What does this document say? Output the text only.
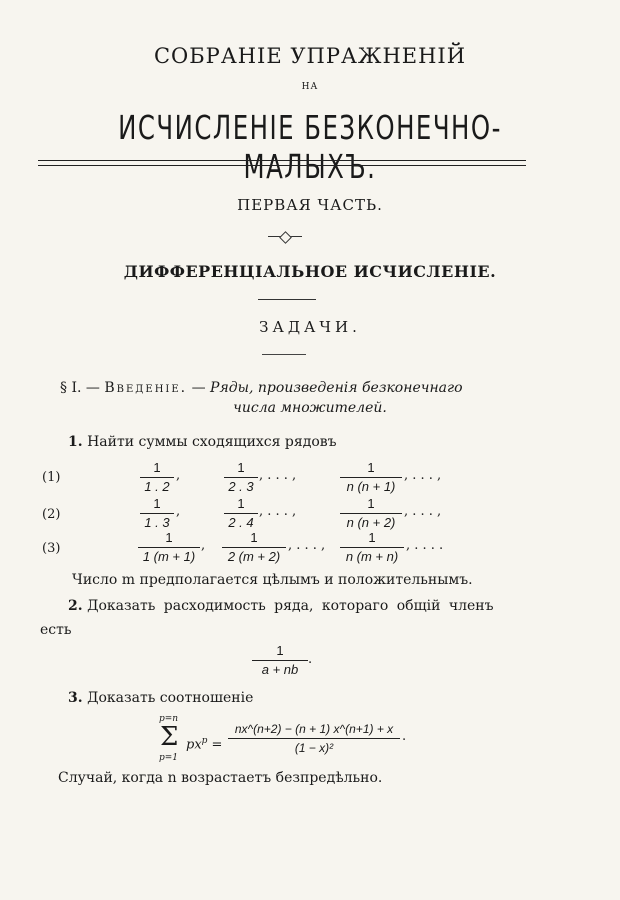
СОБРАНІЕ УПРАЖНЕНІЙ
НА
ИСЧИСЛЕНІЕ БЕЗКОНЕЧНО-МАЛЫХЪ.
ПЕРВАЯ ЧАСТЬ.
ДИФФЕРЕНЦІАЛЬНОЕ ИСЧИСЛЕНІЕ.
ЗАДАЧИ.
§ I. — Введеніе. — Ряды, произведенія безконечнаго
числа множителей.
1. Найти суммы сходящихся рядовъ
(1)	$\frac{1}{1 . 2}$ ,	$\frac{1}{2 . 3}$ , . . . ,	$\frac{1}{n (n + 1)}$ , . . . ,
(2)	$\frac{1}{1 . 3}$ ,	$\frac{1}{2 . 4}$ , . . . ,	$\frac{1}{n (n + 2)}$ , . . . ,
(3)	$\frac{1}{1 (m + 1)}$ , $\frac{1}{2 (m + 2)}$ , . . . , $\frac{1}{n (m + n)}$ , . . . .
Число m предполагается цѣлымъ и положительнымъ.
2. Доказать расходимость ряда, котораго общій членъ
есть
$\frac{1}{a + nb}$ .
3. Доказать соотношеніе
p=n
Σ
p=1
$px^p = \frac{nx\^{}(n+2) - (n + 1) x\^{}(n+1) + x}{\text{(1 − x)²}}$ .
Случай, когда n возрастаетъ безпредѣльно.
